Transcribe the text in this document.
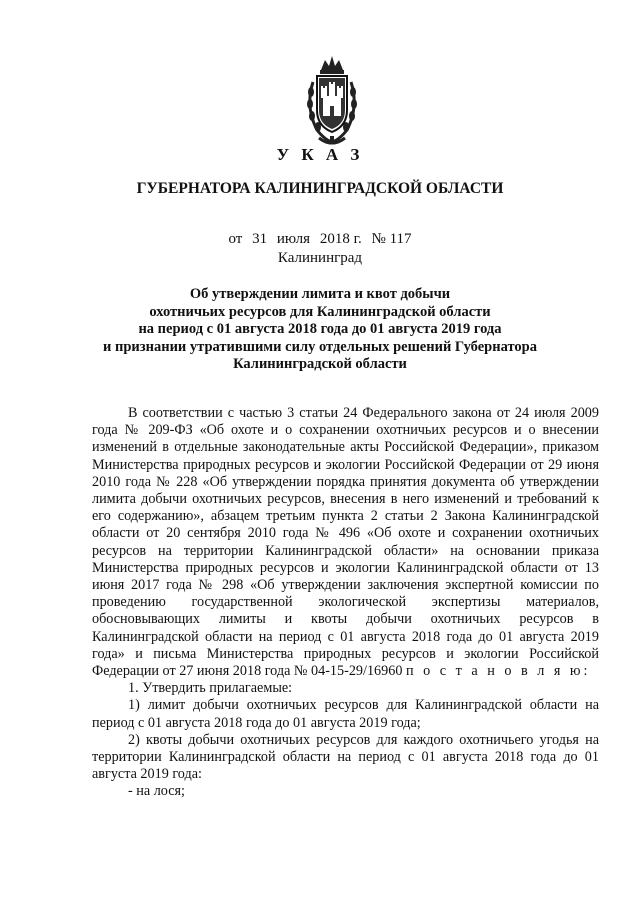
У К А З
ГУБЕРНАТОРА КАЛИНИНГРАДСКОЙ ОБЛАСТИ
от 31 июля 2018 г. № 117
Калининград
Об утверждении лимита и квот добычи
охотничьих ресурсов для Калининградской области
на период с 01 августа 2018 года до 01 августа 2019 года
и признании утратившими силу отдельных решений Губернатора
Калининградской области

В соответствии с частью 3 статьи 24 Федерального закона от 24 июля 2009 года № 209-ФЗ «Об охоте и о сохранении охотничьих ресурсов и о внесении изменений в отдельные законодательные акты Российской Федерации», приказом Министерства природных ресурсов и экологии Российской Федерации от 29 июня 2010 года № 228 «Об утверждении порядка принятия документа об утверждении лимита добычи охотничьих ресурсов, внесения в него изменений и требований к его содержанию», абзацем третьим пункта 2 статьи 2 Закона Калининградской области от 20 сентября 2010 года № 496 «Об охоте и сохранении охотничьих ресурсов на территории Калининградской области» на основании приказа Министерства природных ресурсов и экологии Калининградской области от 13 июня 2017 года № 298 «Об утверждении заключения экспертной комиссии по проведению государственной экологической экспертизы материалов, обосновывающих лимиты и квоты добычи охотничьих ресурсов в Калининградской области на период с 01 августа 2018 года до 01 августа 2019 года» и письма Министерства природных ресурсов и экологии Российской Федерации от 27 июня 2018 года № 04-15-29/16960 п о с т а н о в л я ю:

1. Утвердить прилагаемые:

1) лимит добычи охотничьих ресурсов для Калининградской области на период с 01 августа 2018 года до 01 августа 2019 года;

2) квоты добычи охотничьих ресурсов для каждого охотничьего угодья на территории Калининградской области на период с 01 августа 2018 года до 01 августа 2019 года:

- на лося;
